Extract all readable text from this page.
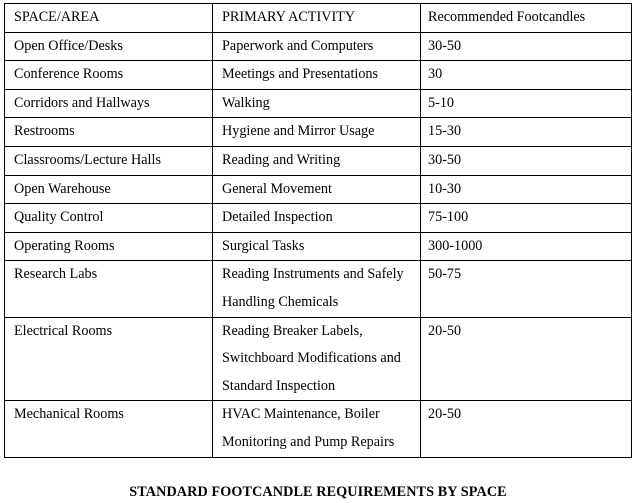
SPACE/AREA	PRIMARY ACTIVITY	Recommended Footcandles
Open Office/Desks	Paperwork and Computers	30-50
Conference Rooms	Meetings and Presentations	30
Corridors and Hallways	Walking	5-10
Restrooms	Hygiene and Mirror Usage	15-30
Classrooms/Lecture Halls	Reading and Writing	30-50
Open Warehouse	General Movement	10-30
Quality Control	Detailed Inspection	75-100
Operating Rooms	Surgical Tasks	300-1000
Research Labs	Reading Instruments and Safely Handling Chemicals	50-75
Electrical Rooms	Reading Breaker Labels, Switchboard Modifications and Standard Inspection	20-50
Mechanical Rooms	HVAC Maintenance, Boiler Monitoring and Pump Repairs	20-50
STANDARD FOOTCANDLE REQUIREMENTS BY SPACE
